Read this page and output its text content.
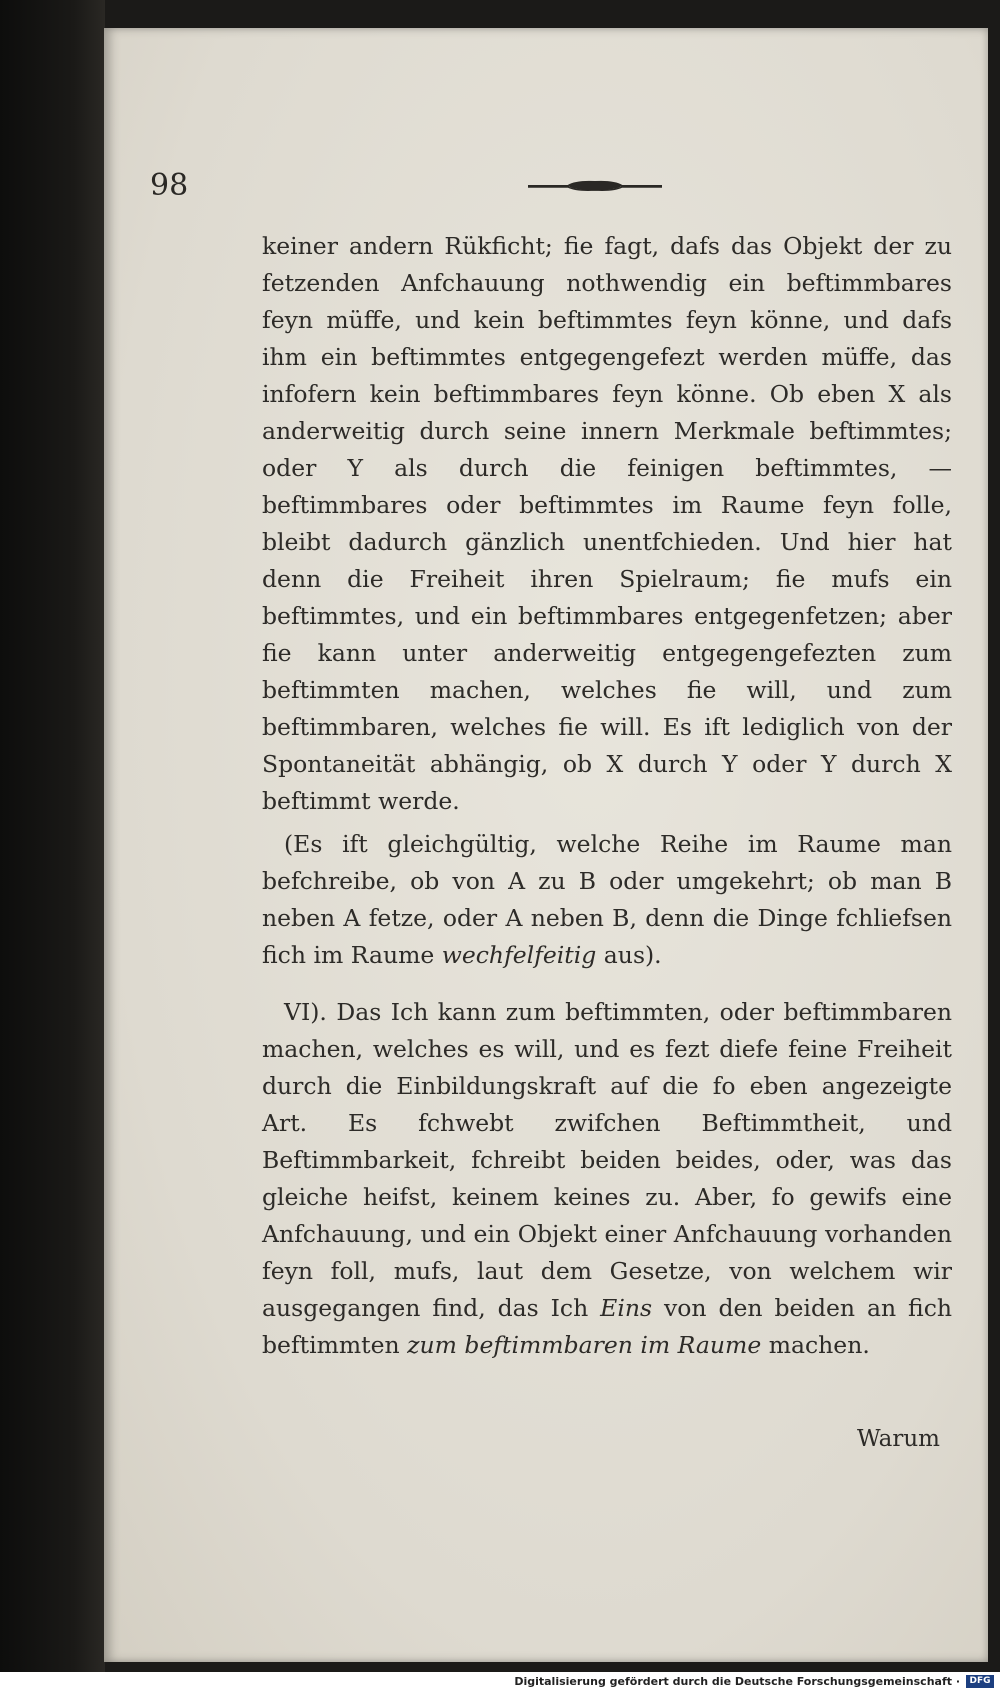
98

keiner andern Rükficht; fie fagt, dafs das Objekt der zu fetzenden Anfchauung nothwendig ein beftimmbares feyn müffe, und kein beftimmtes feyn könne, und dafs ihm ein beftimmtes entgegengefezt werden müffe, das infofern kein beftimmbares feyn könne. Ob eben X als anderweitig durch seine innern Merkmale beftimmtes; oder Y als durch die feinigen beftimmtes, — beftimmbares oder beftimmtes im Raume feyn folle, bleibt dadurch gänzlich unentfchieden. Und hier hat denn die Freiheit ihren Spielraum; fie mufs ein beftimmtes, und ein beftimmbares entgegenfetzen; aber fie kann unter anderweitig entgegengefezten zum beftimmten machen, welches fie will, und zum beftimmbaren, welches fie will. Es ift lediglich von der Spontaneität abhängig, ob X durch Y oder Y durch X beftimmt werde.

(Es ift gleichgültig, welche Reihe im Raume man befchreibe, ob von A zu B oder umgekehrt; ob man B neben A fetze, oder A neben B, denn die Dinge fchliefsen fich im Raume wechfelfeitig aus).

VI). Das Ich kann zum beftimmten, oder beftimmbaren machen, welches es will, und es fezt diefe feine Freiheit durch die Einbildungskraft auf die fo eben angezeigte Art. Es fchwebt zwifchen Beftimmtheit, und Beftimmbarkeit, fchreibt beiden beides, oder, was das gleiche heifst, keinem keines zu. Aber, fo gewifs eine Anfchauung, und ein Objekt einer Anfchauung vorhanden feyn foll, mufs, laut dem Gesetze, von welchem wir ausgegangen find, das Ich Eins von den beiden an fich beftimmten zum beftimmbaren im Raume machen.

Warum
Digitalisierung gefördert durch die Deutsche Forschungsgemeinschaft ·	DFG
